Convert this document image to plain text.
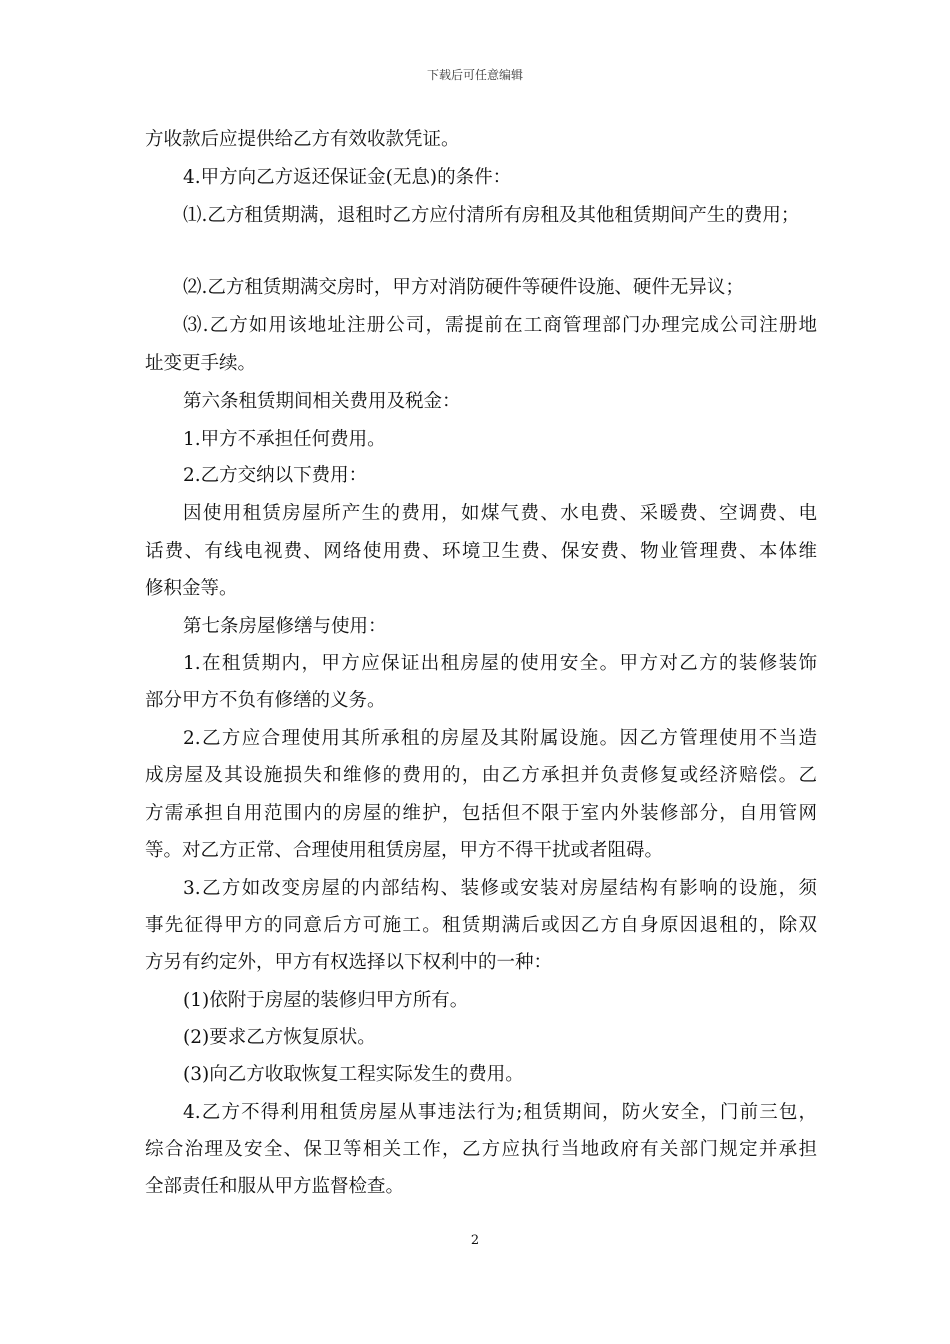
下载后可任意编辑
方收款后应提供给乙方有效收款凭证。
4.甲方向乙方返还保证金(无息)的条件：
⑴.乙方租赁期满，退租时乙方应付清所有房租及其他租赁期间产生的费用；
⑵.乙方租赁期满交房时，甲方对消防硬件等硬件设施、硬件无异议；
⑶.乙方如用该地址注册公司，需提前在工商管理部门办理完成公司注册地
址变更手续。
第六条租赁期间相关费用及税金：
1.甲方不承担任何费用。
2.乙方交纳以下费用：
因使用租赁房屋所产生的费用，如煤气费、水电费、采暖费、空调费、电
话费、有线电视费、网络使用费、环境卫生费、保安费、物业管理费、本体维
修积金等。
第七条房屋修缮与使用：
1.在租赁期内，甲方应保证出租房屋的使用安全。甲方对乙方的装修装饰
部分甲方不负有修缮的义务。
2.乙方应合理使用其所承租的房屋及其附属设施。因乙方管理使用不当造
成房屋及其设施损失和维修的费用的，由乙方承担并负责修复或经济赔偿。乙
方需承担自用范围内的房屋的维护，包括但不限于室内外装修部分，自用管网
等。对乙方正常、合理使用租赁房屋，甲方不得干扰或者阻碍。
3.乙方如改变房屋的内部结构、装修或安装对房屋结构有影响的设施，须
事先征得甲方的同意后方可施工。租赁期满后或因乙方自身原因退租的，除双
方另有约定外，甲方有权选择以下权利中的一种：
(1)依附于房屋的装修归甲方所有。
(2)要求乙方恢复原状。
(3)向乙方收取恢复工程实际发生的费用。
4.乙方不得利用租赁房屋从事违法行为;租赁期间，防火安全，门前三包，
综合治理及安全、保卫等相关工作，乙方应执行当地政府有关部门规定并承担
全部责任和服从甲方监督检查。
2
